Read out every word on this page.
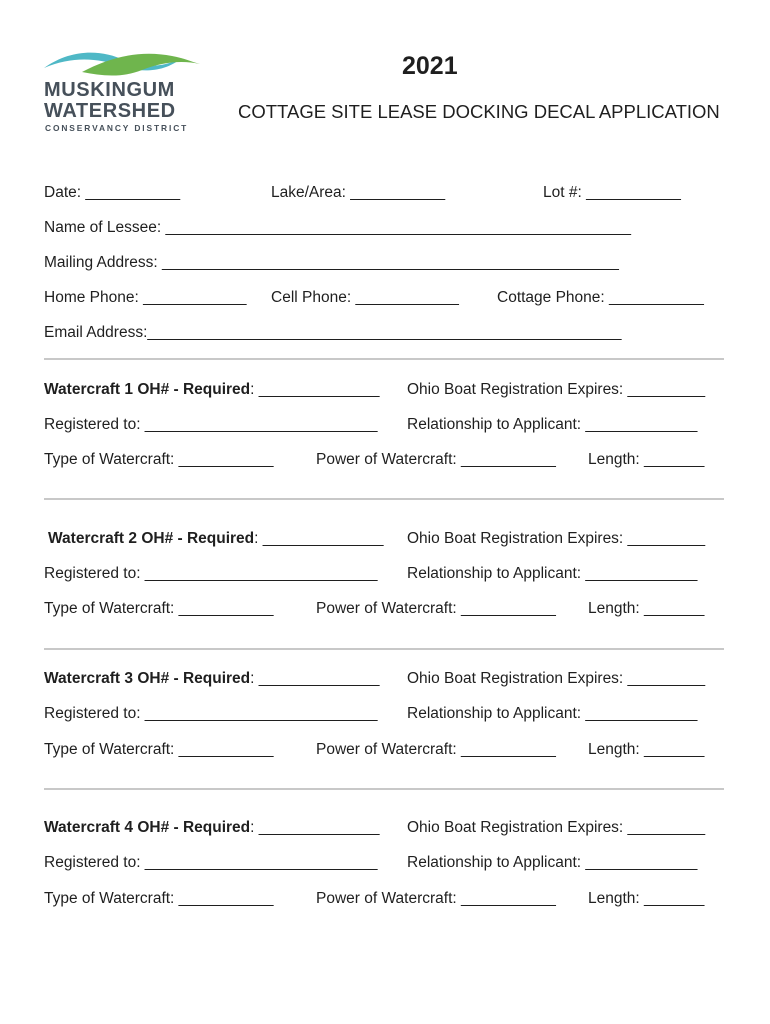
MUSKINGUM
WATERSHED
CONSERVANCY DISTRICT
2021
COTTAGE SITE LEASE DOCKING DECAL APPLICATION
Date: ___________	Lake/Area: ___________	Lot #: ___________
Name of Lessee: ______________________________________________________
Mailing Address: _____________________________________________________
Home Phone: ____________ Cell Phone: ____________ Cottage Phone: ___________
Email Address:_______________________________________________________
Watercraft 1 OH# - Required: ______________ Ohio Boat Registration Expires: _________
Registered to: ___________________________ Relationship to Applicant: _____________
Type of Watercraft: ___________	Power of Watercraft: ___________ Length: _______
Watercraft 2 OH# - Required: ______________ Ohio Boat Registration Expires: _________
Registered to: ___________________________ Relationship to Applicant: _____________
Type of Watercraft: ___________	Power of Watercraft: ___________ Length: _______
Watercraft 3 OH# - Required: ______________ Ohio Boat Registration Expires: _________
Registered to: ___________________________ Relationship to Applicant: _____________
Type of Watercraft: ___________	Power of Watercraft: ___________ Length: _______
Watercraft 4 OH# - Required: ______________ Ohio Boat Registration Expires: _________
Registered to: ___________________________ Relationship to Applicant: _____________
Type of Watercraft: ___________	Power of Watercraft: ___________ Length: _______
